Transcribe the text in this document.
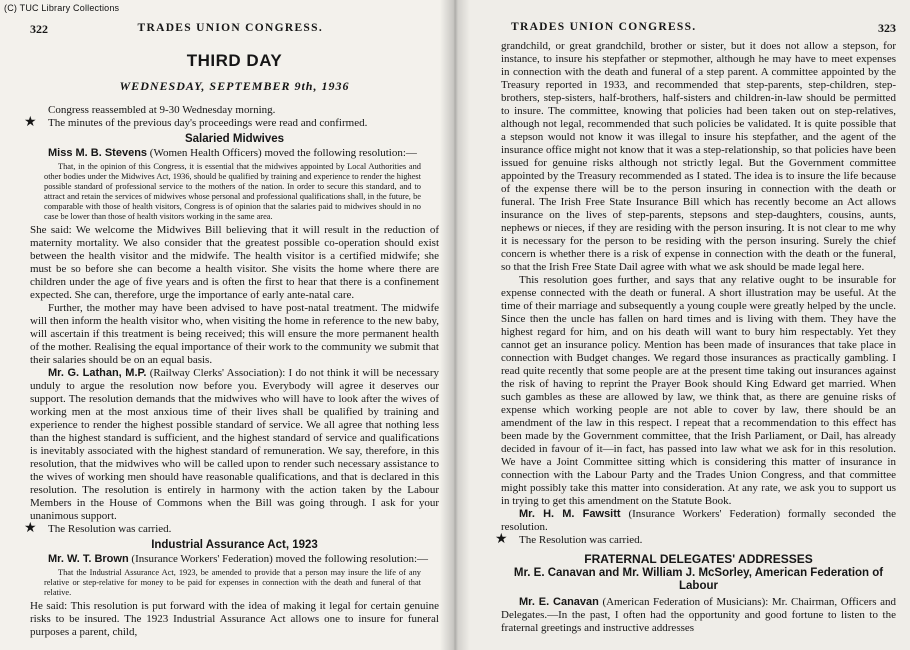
(C) TUC Library Collections
322	TRADES UNION CONGRESS.
THIRD DAY
WEDNESDAY, SEPTEMBER 9th, 1936

Congress reassembled at 9-30 Wednesday morning.

★ The minutes of the previous day's proceedings were read and confirmed.

Salaried Midwives

Miss M. B. Stevens (Women Health Officers) moved the following resolution:—

That, in the opinion of this Congress, it is essential that the midwives appointed by Local Authorities and other bodies under the Midwives Act, 1936, should be qualified by training and experience to render the highest possible standard of professional service to the mothers of the nation. In order to secure this standard, and to attract and retain the services of midwives whose personal and professional qualifications shall, in the future, be comparable with those of health visitors, Congress is of opinion that the salaries paid to midwives should in no case be lower than those of health visitors working in the same area.

She said: We welcome the Midwives Bill believing that it will result in the reduction of maternity mortality. We also consider that the greatest possible co-operation should exist between the health visitor and the midwife. The health visitor is a certified midwife; she must be so before she can become a health visitor. She visits the home where there are children under the age of five years and is often the first to hear that there is a confinement expected. She can, therefore, urge the importance of early ante-natal care.

Further, the mother may have been advised to have post-natal treatment. The midwife will then inform the health visitor who, when visiting the home in reference to the new baby, will ascertain if this treatment is being received; this will ensure the more permanent health of the mother. Realising the equal importance of their work to the community we submit that their salaries should be on an equal basis.

Mr. G. Lathan, M.P. (Railway Clerks' Association): I do not think it will be necessary unduly to argue the resolution now before you. Everybody will agree it deserves our support. The resolution demands that the midwives who will have to look after the wives of working men at the most anxious time of their lives shall be qualified by training and experience to render the highest possible standard of service. We all agree that nothing less than the highest standard is sufficient, and the highest standard of service and qualifications is inevitably associated with the highest standard of remuneration. We say, therefore, in this resolution, that the midwives who will be called upon to render such necessary assistance to the wives of working men should have reasonable qualifications, and that is declared in this resolution. The resolution is entirely in harmony with the action taken by the Labour Members in the House of Commons when the Bill was going through. I ask for your unanimous support.

★ The Resolution was carried.

Industrial Assurance Act, 1923

Mr. W. T. Brown (Insurance Workers' Federation) moved the following resolution:—

That the Industrial Assurance Act, 1923, be amended to provide that a person may insure the life of any relative or step-relative for money to be paid for expenses in connection with the death and funeral of that relative.

He said: This resolution is put forward with the idea of making it legal for certain genuine risks to be insured. The 1923 Industrial Assurance Act allows one to insure for funeral purposes a parent, child,

TRADES UNION CONGRESS.	323

grandchild, or great grandchild, brother or sister, but it does not allow a stepson, for instance, to insure his stepfather or stepmother, although he may have to meet expenses in connection with the death and funeral of a step parent. A committee appointed by the Treasury reported in 1933, and recommended that step-parents, step-children, step-brothers, step-sisters, half-brothers, half-sisters and children-in-law should be permitted to insure. The committee, knowing that policies had been taken out on step-relatives, although not legal, recommended that such policies be validated. It is quite possible that a stepson would not know it was illegal to insure his stepfather, and the agent of the insurance office might not know that it was a step-relationship, so that policies have been issued for genuine risks although not strictly legal. But the Government committee appointed by the Treasury recommended as I stated. The idea is to insure the life because of the expense there will be to the person insuring in connection with the death or funeral. The Irish Free State Insurance Bill which has recently become an Act allows insurance on the lives of step-parents, stepsons and step-daughters, cousins, aunts, nephews or nieces, if they are residing with the person insuring. It is not clear to me why it is necessary for the person to be residing with the person insuring. Surely the chief concern is whether there is a risk of expense in connection with the death or the funeral, so that the Irish Free State Dail agree with what we ask should be made legal here.

This resolution goes further, and says that any relative ought to be insurable for expense connected with the death or funeral. A short illustration may be useful. At the time of their marriage and subsequently a young couple were greatly helped by the uncle. Since then the uncle has fallen on hard times and is living with them. They have the highest regard for him, and on his death will want to bury him respectably. Yet they cannot get an insurance policy. Mention has been made of insurances that take place in connection with Budget changes. We regard those insurances as practically gambling. I read quite recently that some people are at the present time taking out insurances against the risk of having to reprint the Prayer Book should King Edward get married. When such gambles as these are allowed by law, we think that, as there are genuine risks of expense which working people are not able to cover by law, there should be an amendment of the law in this respect. I repeat that a recommendation to this effect has been made by the Government committee, that the Irish Parliament, or Dail, has already decided in favour of it—in fact, has passed into law what we ask for in this resolution. We have a Joint Committee sitting which is considering this matter of insurance in connection with the Labour Party and the Trades Union Congress, and that committee might possibly take this matter into consideration. At any rate, we ask you to support us in trying to get this amendment on the Statute Book.

Mr. H. M. Fawsitt (Insurance Workers' Federation) formally seconded the resolution.

★ The Resolution was carried.

FRATERNAL DELEGATES' ADDRESSES
Mr. E. Canavan and Mr. William J. McSorley, American Federation of Labour

Mr. E. Canavan (American Federation of Musicians): Mr. Chairman, Officers and Delegates.—In the past, I often had the opportunity and good fortune to listen to the fraternal greetings and instructive addresses
